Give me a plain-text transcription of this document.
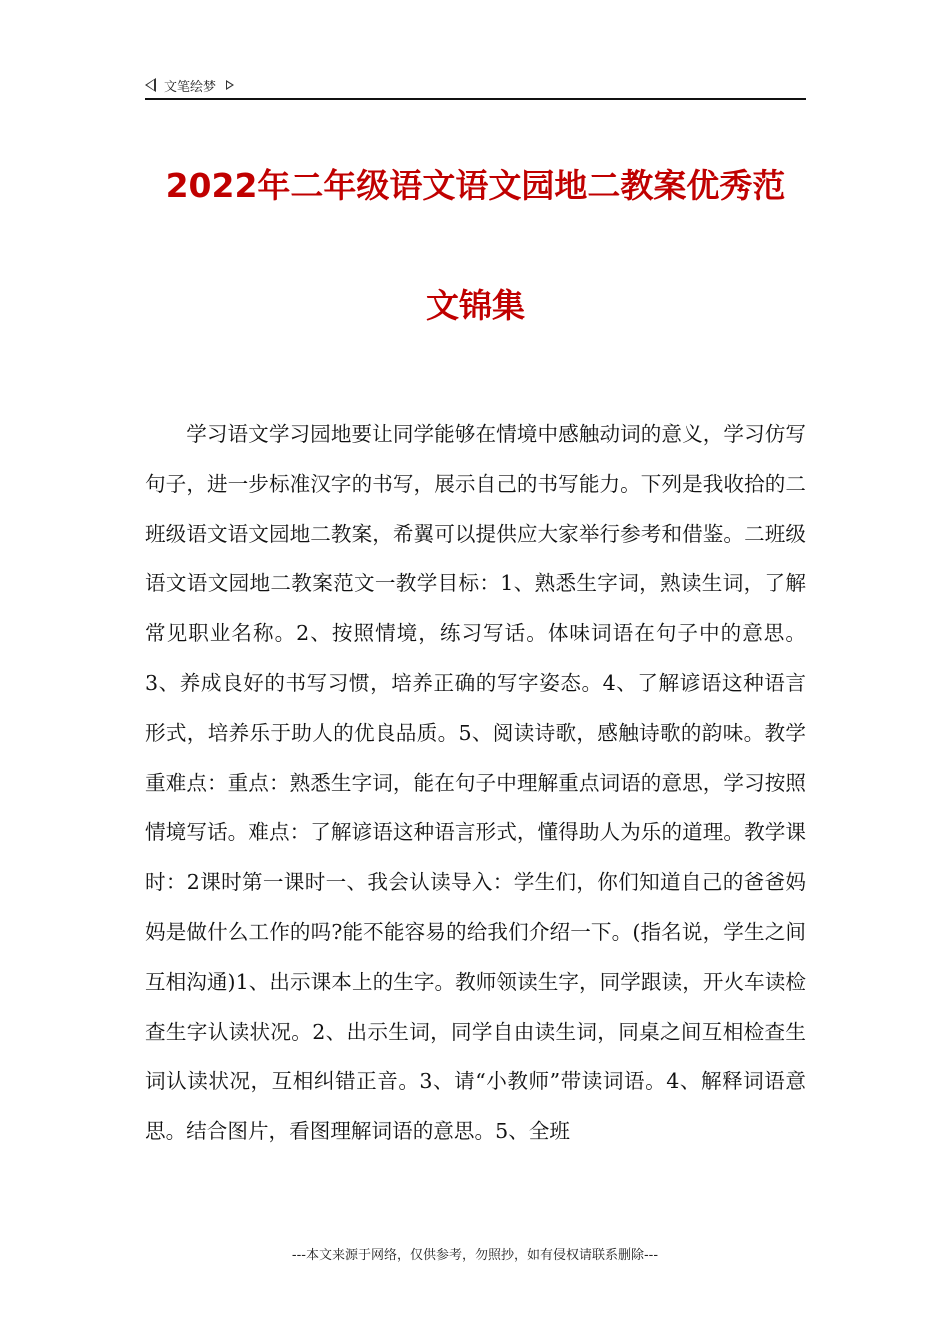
文笔绘梦
2022年二年级语文语文园地二教案优秀范
文锦集

学习语文学习园地要让同学能够在情境中感触动词的意义，学习仿写句子，进一步标准汉字的书写，展示自己的书写能力。下列是我收拾的二班级语文语文园地二教案，希翼可以提供应大家举行参考和借鉴。二班级语文语文园地二教案范文一教学目标：1、熟悉生字词，熟读生词，了解常见职业名称。2、按照情境，练习写话。体味词语在句子中的意思。3、养成良好的书写习惯，培养正确的写字姿态。4、了解谚语这种语言形式，培养乐于助人的优良品质。5、阅读诗歌，感触诗歌的韵味。教学重难点：重点：熟悉生字词，能在句子中理解重点词语的意思，学习按照情境写话。难点：了解谚语这种语言形式，懂得助人为乐的道理。教学课时：2课时第一课时一、我会认读导入：学生们，你们知道自己的爸爸妈妈是做什么工作的吗?能不能容易的给我们介绍一下。(指名说，学生之间互相沟通)1、出示课本上的生字。教师领读生字，同学跟读，开火车读检查生字认读状况。2、出示生词，同学自由读生词，同桌之间互相检查生词认读状况，互相纠错正音。3、请“小教师”带读词语。4、解释词语意思。结合图片，看图理解词语的意思。5、全班

---本文来源于网络，仅供参考，勿照抄，如有侵权请联系删除---
